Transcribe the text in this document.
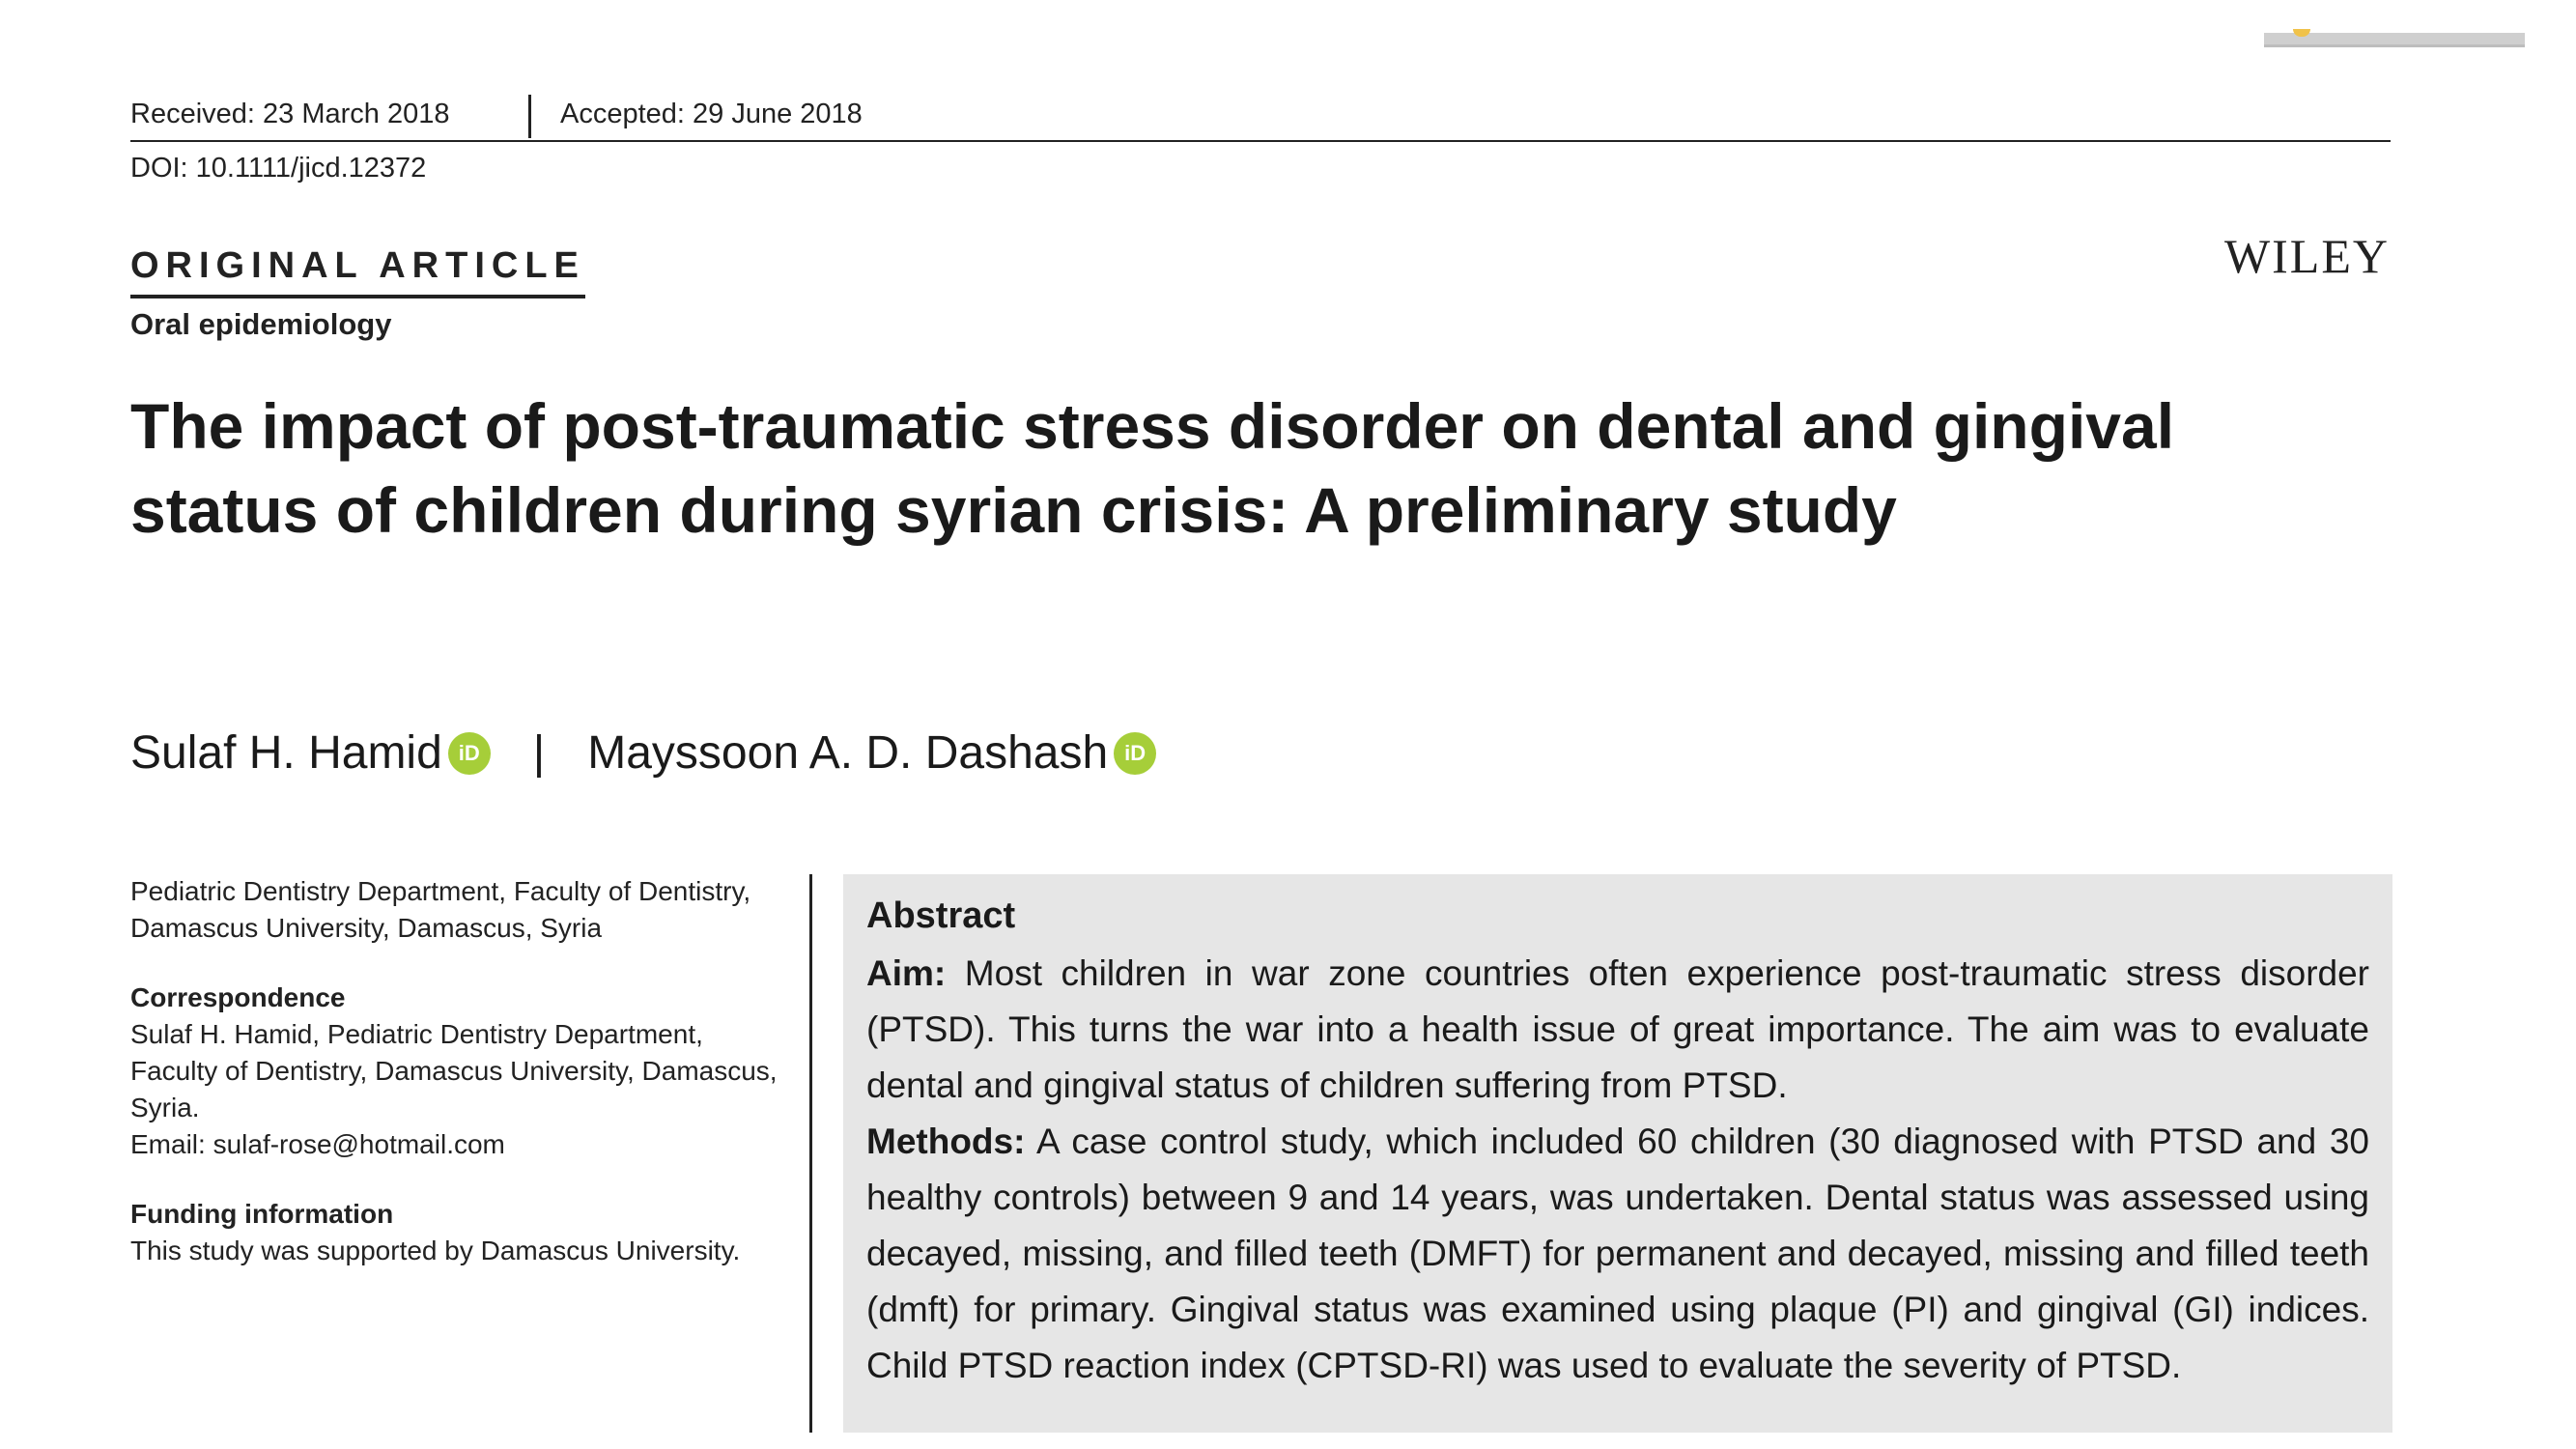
Received: 23 March 2018	Accepted: 29 June 2018
DOI: 10.1111/jicd.12372
ORIGINAL ARTICLE
Oral epidemiology
WILEY
The impact of post-traumatic stress disorder on dental and gingival status of children during syrian crisis: A preliminary study
Sulaf H. Hamid iD | Mayssoon A. D. Dashash iD

Pediatric Dentistry Department, Faculty of Dentistry, Damascus University, Damascus, Syria

Correspondence
Sulaf H. Hamid, Pediatric Dentistry Department, Faculty of Dentistry, Damascus University, Damascus, Syria.
Email: sulaf-rose@hotmail.com

Funding information
This study was supported by Damascus University.

Abstract

Aim: Most children in war zone countries often experience post-traumatic stress disorder (PTSD). This turns the war into a health issue of great importance. The aim was to evaluate dental and gingival status of children suffering from PTSD.

Methods: A case control study, which included 60 children (30 diagnosed with PTSD and 30 healthy controls) between 9 and 14 years, was undertaken. Dental status was assessed using decayed, missing, and filled teeth (DMFT) for permanent and decayed, missing and filled teeth (dmft) for primary. Gingival status was examined using plaque (PI) and gingival (GI) indices. Child PTSD reaction index (CPTSD-RI) was used to evaluate the severity of PTSD.
